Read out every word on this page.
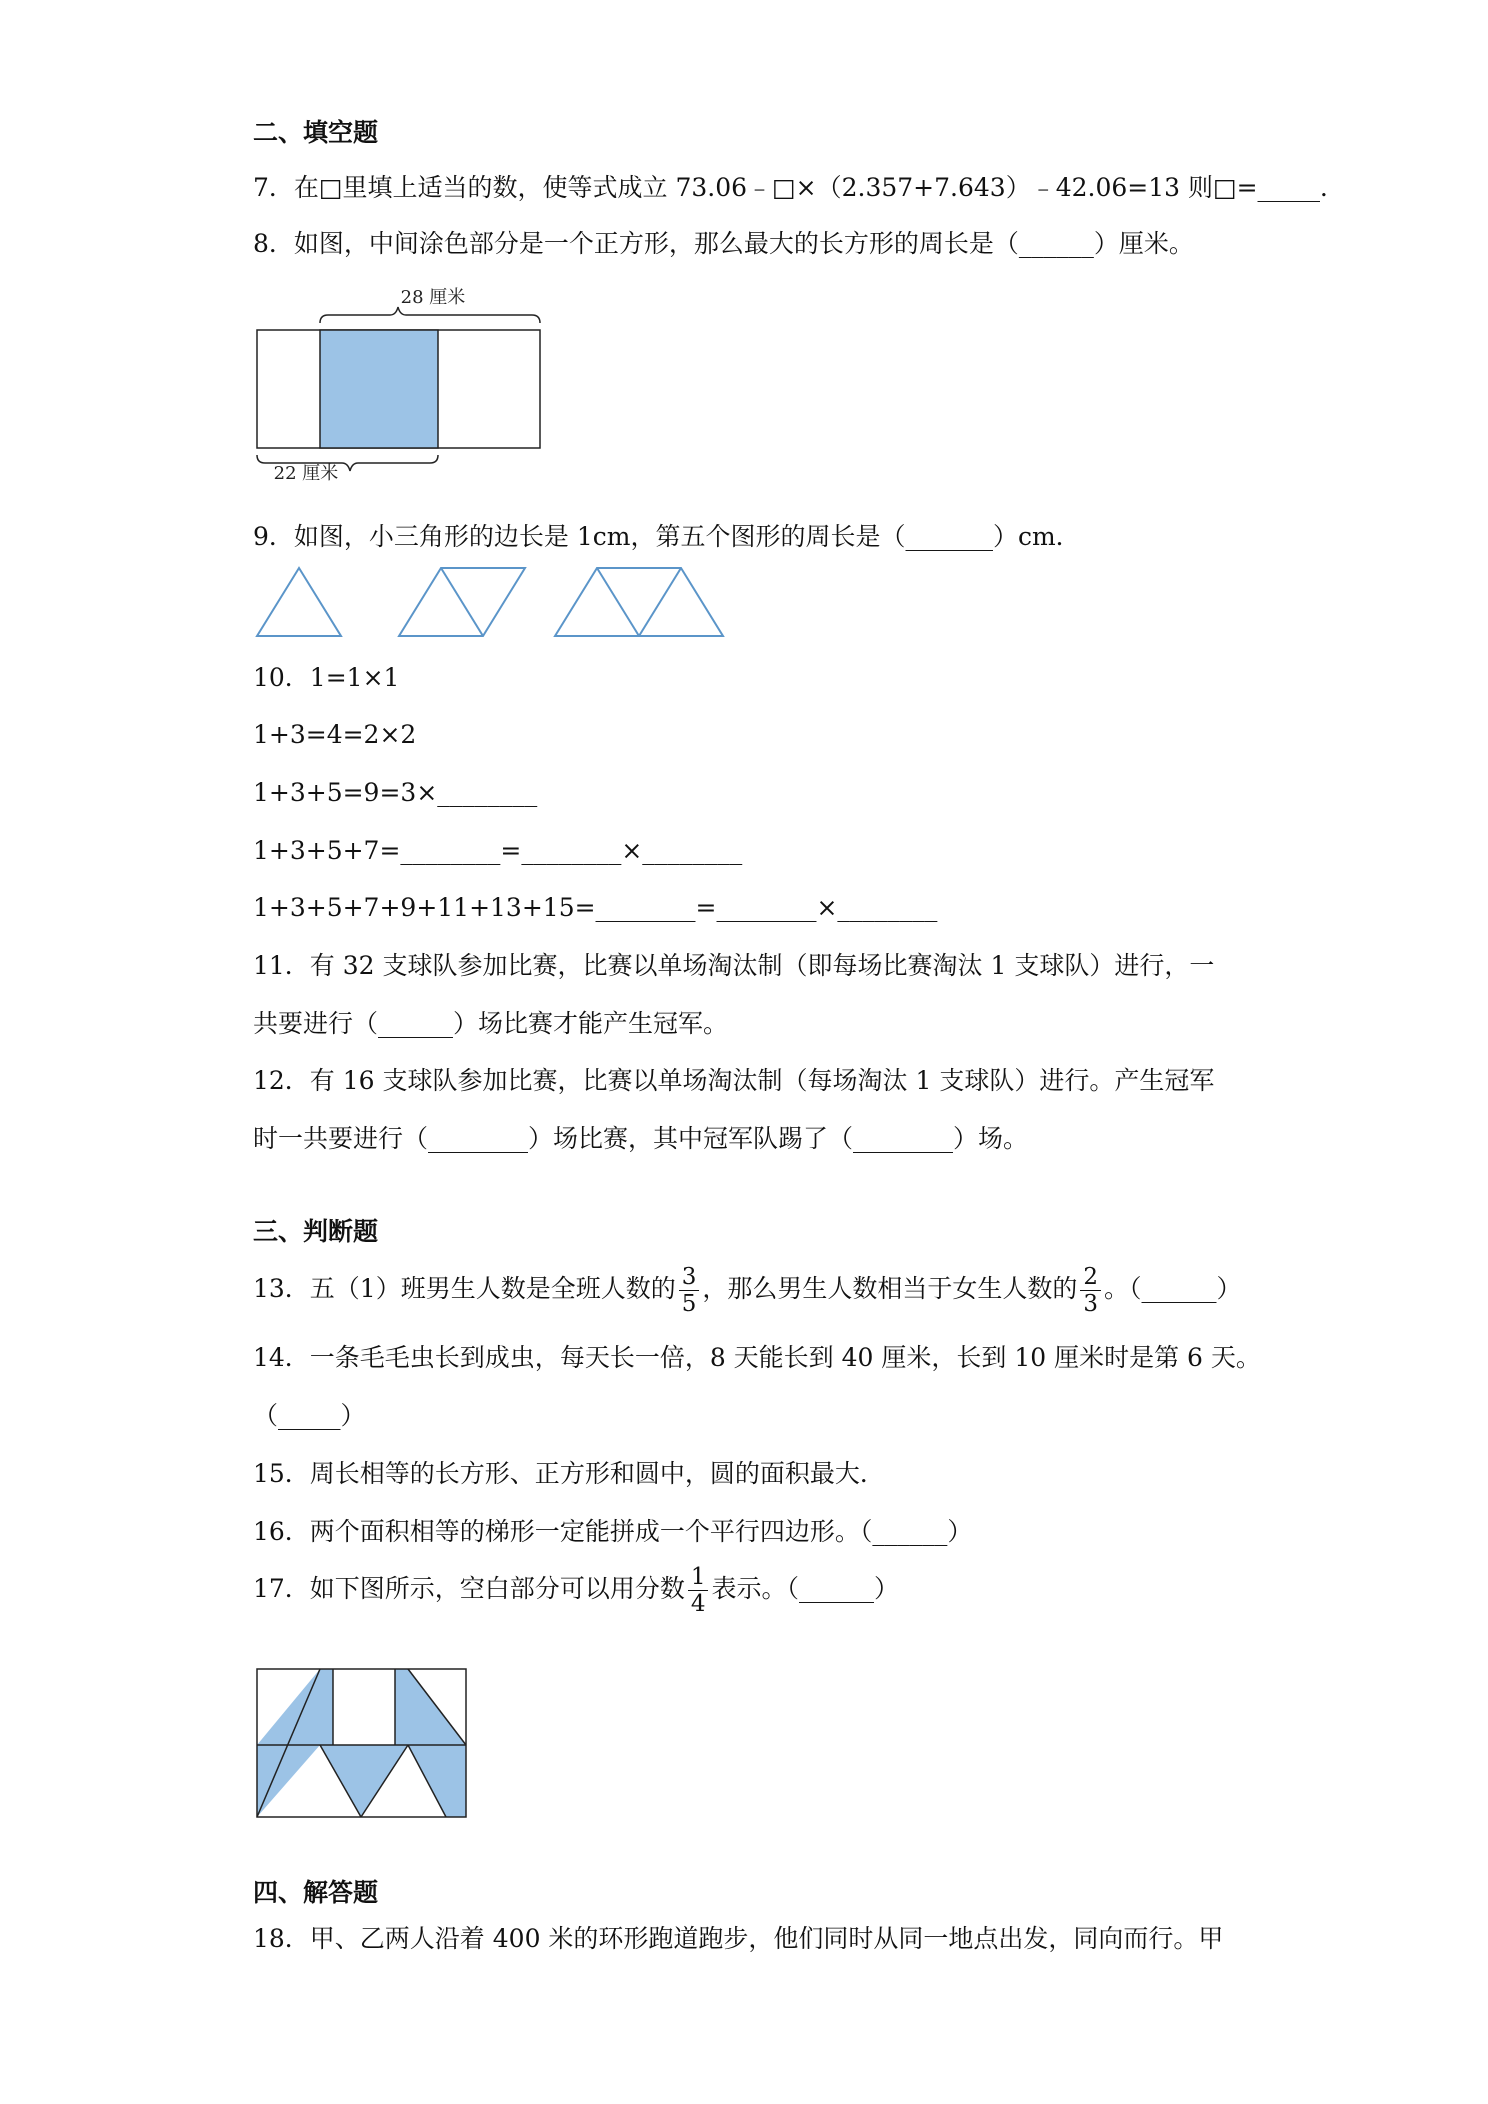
二、填空题
7．在□里填上适当的数，使等式成立 73.06﹣□×（2.357+7.643）﹣42.06=13 则□=_____．
8．如图，中间涂色部分是一个正方形，那么最大的长方形的周长是（______）厘米。
28 厘米
22 厘米
9．如图，小三角形的边长是 1cm，第五个图形的周长是（_______）cm．
10．1=1×1
1+3=4=2×2
1+3+5=9=3×________
1+3+5+7=________=________×________
1+3+5+7+9+11+13+15=________=________×________
11．有 32 支球队参加比赛，比赛以单场淘汰制（即每场比赛淘汰 1 支球队）进行，一
共要进行（______）场比赛才能产生冠军。
12．有 16 支球队参加比赛，比赛以单场淘汰制（每场淘汰 1 支球队）进行。产生冠军
时一共要进行（________）场比赛，其中冠军队踢了（________）场。
三、判断题
13．五（1）班男生人数是全班人数的 $\frac{3}{5}$ ，那么男生人数相当于女生人数的 $\frac{2}{3}$ 。（______）
14．一条毛毛虫长到成虫，每天长一倍，8 天能长到 40 厘米，长到 10 厘米时是第 6 天。
（_____）
15．周长相等的长方形、正方形和圆中，圆的面积最大．
16．两个面积相等的梯形一定能拼成一个平行四边形。（______）
17．如下图所示，空白部分可以用分数 $\frac{1}{4}$ 表示。（______）
四、解答题
18．甲、乙两人沿着 400 米的环形跑道跑步，他们同时从同一地点出发，同向而行。甲
